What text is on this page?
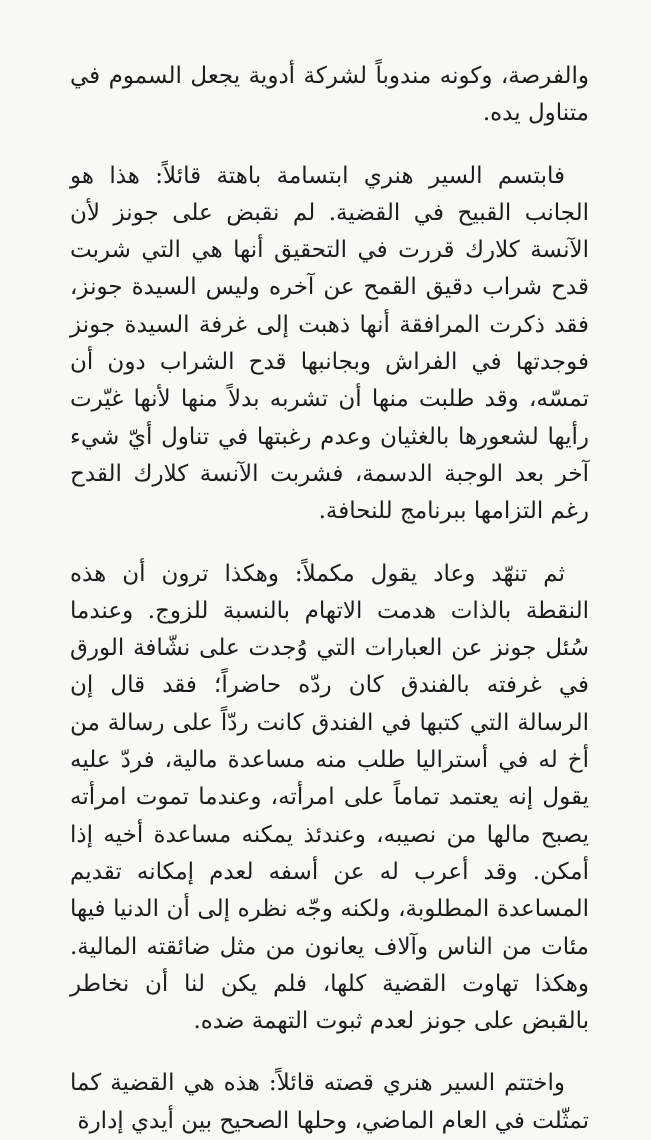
والفرصة، وكونه مندوباً لشركة أدوية يجعل السموم في متناول يده.

فابتسم السير هنري ابتسامة باهتة قائلاً: هذا هو الجانب القبيح في القضية. لم نقبض على جونز لأن الآنسة كلارك قررت في التحقيق أنها هي التي شربت قدح شراب دقيق القمح عن آخره وليس السيدة جونز، فقد ذكرت المرافقة أنها ذهبت إلى غرفة السيدة جونز فوجدتها في الفراش وبجانبها قدح الشراب دون أن تمسّه، وقد طلبت منها أن تشربه بدلاً منها لأنها غيّرت رأيها لشعورها بالغثيان وعدم رغبتها في تناول أيّ شيء آخر بعد الوجبة الدسمة، فشربت الآنسة كلارك القدح رغم التزامها ببرنامج للنحافة.

ثم تنهّد وعاد يقول مكملاً: وهكذا ترون أن هذه النقطة بالذات هدمت الاتهام بالنسبة للزوج. وعندما سُئل جونز عن العبارات التي وُجدت على نشّافة الورق في غرفته بالفندق كان ردّه حاضراً؛ فقد قال إن الرسالة التي كتبها في الفندق كانت ردّاً على رسالة من أخ له في أستراليا طلب منه مساعدة مالية، فردّ عليه يقول إنه يعتمد تماماً على امرأته، وعندما تموت امرأته يصبح مالها من نصيبه، وعندئذ يمكنه مساعدة أخيه إذا أمكن. وقد أعرب له عن أسفه لعدم إمكانه تقديم المساعدة المطلوبة، ولكنه وجّه نظره إلى أن الدنيا فيها مئات من الناس وآلاف يعانون من مثل ضائقته المالية. وهكذا تهاوت القضية كلها، فلم يكن لنا أن نخاطر بالقبض على جونز لعدم ثبوت التهمة ضده.

واختتم السير هنري قصته قائلاً: هذه هي القضية كما تمثّلت في العام الماضي، وحلها الصحيح بين أيدي إدارة
